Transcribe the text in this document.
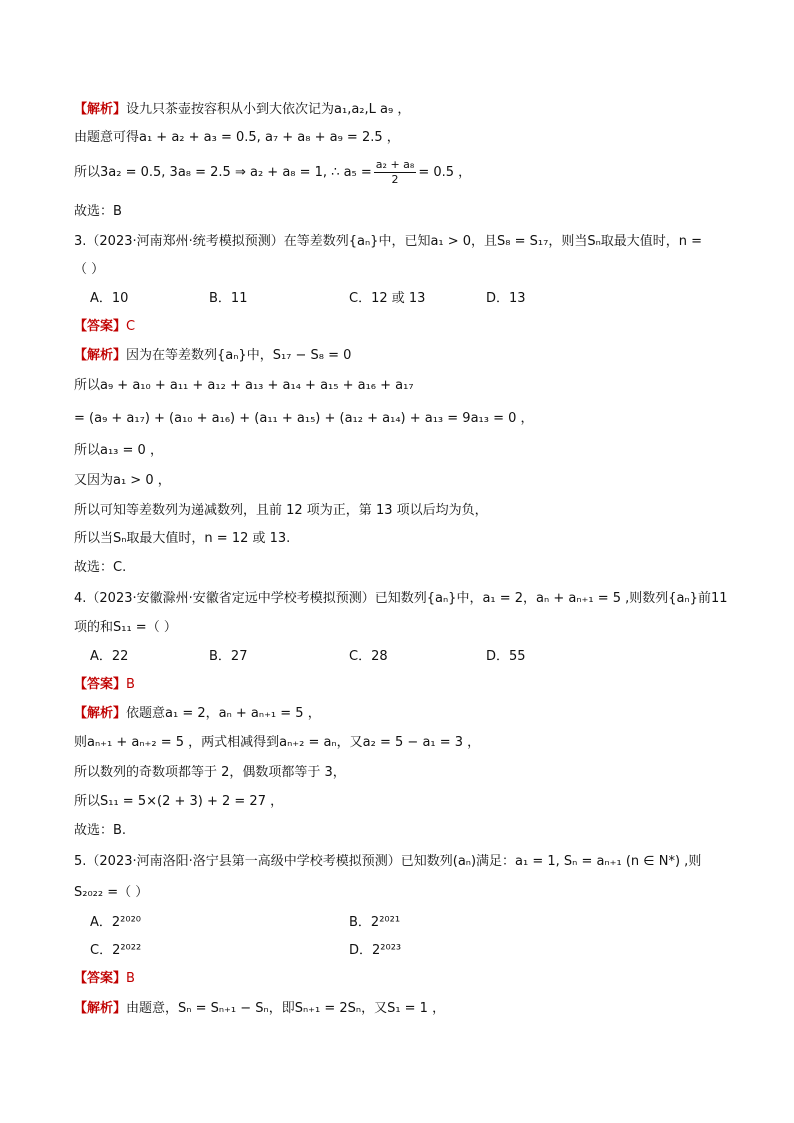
【解析】设九只茶壶按容积从小到大依次记为a₁,a₂,L a₉ ，
由题意可得a₁ + a₂ + a₃ = 0.5, a₇ + a₈ + a₉ = 2.5 ，
所以3a₂ = 0.5, 3a₈ = 2.5 ⇒ a₂ + a₈ = 1, ∴ $a_5 = \frac{\text{a₂ + a₈}}{2} = 0.5$ ，
故选：B
3.（2023·河南郑州·统考模拟预测）在等差数列{aₙ}中，已知a₁ > 0，且S₈ = S₁₇，则当Sₙ取最大值时，n =
（ ）
A．10	B．11	C．12 或 13	D．13
【答案】C
【解析】因为在等差数列{aₙ}中，S₁₇ − S₈ = 0
所以a₉ + a₁₀ + a₁₁ + a₁₂ + a₁₃ + a₁₄ + a₁₅ + a₁₆ + a₁₇
= (a₉ + a₁₇) + (a₁₀ + a₁₆) + (a₁₁ + a₁₅) + (a₁₂ + a₁₄) + a₁₃ = 9a₁₃ = 0 ，
所以a₁₃ = 0 ，
又因为a₁ > 0 ，
所以可知等差数列为递减数列，且前 12 项为正，第 13 项以后均为负，
所以当Sₙ取最大值时，n = 12 或 13.
故选：C.
4.（2023·安徽滁州·安徽省定远中学校考模拟预测）已知数列{aₙ}中，a₁ = 2，aₙ + aₙ₊₁ = 5 ,则数列{aₙ}前11
项的和S₁₁ =（ ）
A．22	B．27	C．28	D．55
【答案】B
【解析】依题意a₁ = 2，aₙ + aₙ₊₁ = 5 ，
则aₙ₊₁ + aₙ₊₂ = 5 ，两式相减得到aₙ₊₂ = aₙ，又a₂ = 5 − a₁ = 3 ，
所以数列的奇数项都等于 2，偶数项都等于 3，
所以S₁₁ = 5×(2 + 3) + 2 = 27 ，
故选：B.
5.（2023·河南洛阳·洛宁县第一高级中学校考模拟预测）已知数列(aₙ)满足：a₁ = 1, Sₙ = aₙ₊₁ (n ∈ N*) ,则
S₂₀₂₂ =（ ）
A．2²⁰²⁰	B．2²⁰²¹
C．2²⁰²²	D．2²⁰²³
【答案】B
【解析】由题意，Sₙ = Sₙ₊₁ − Sₙ，即Sₙ₊₁ = 2Sₙ，又S₁ = 1 ，
